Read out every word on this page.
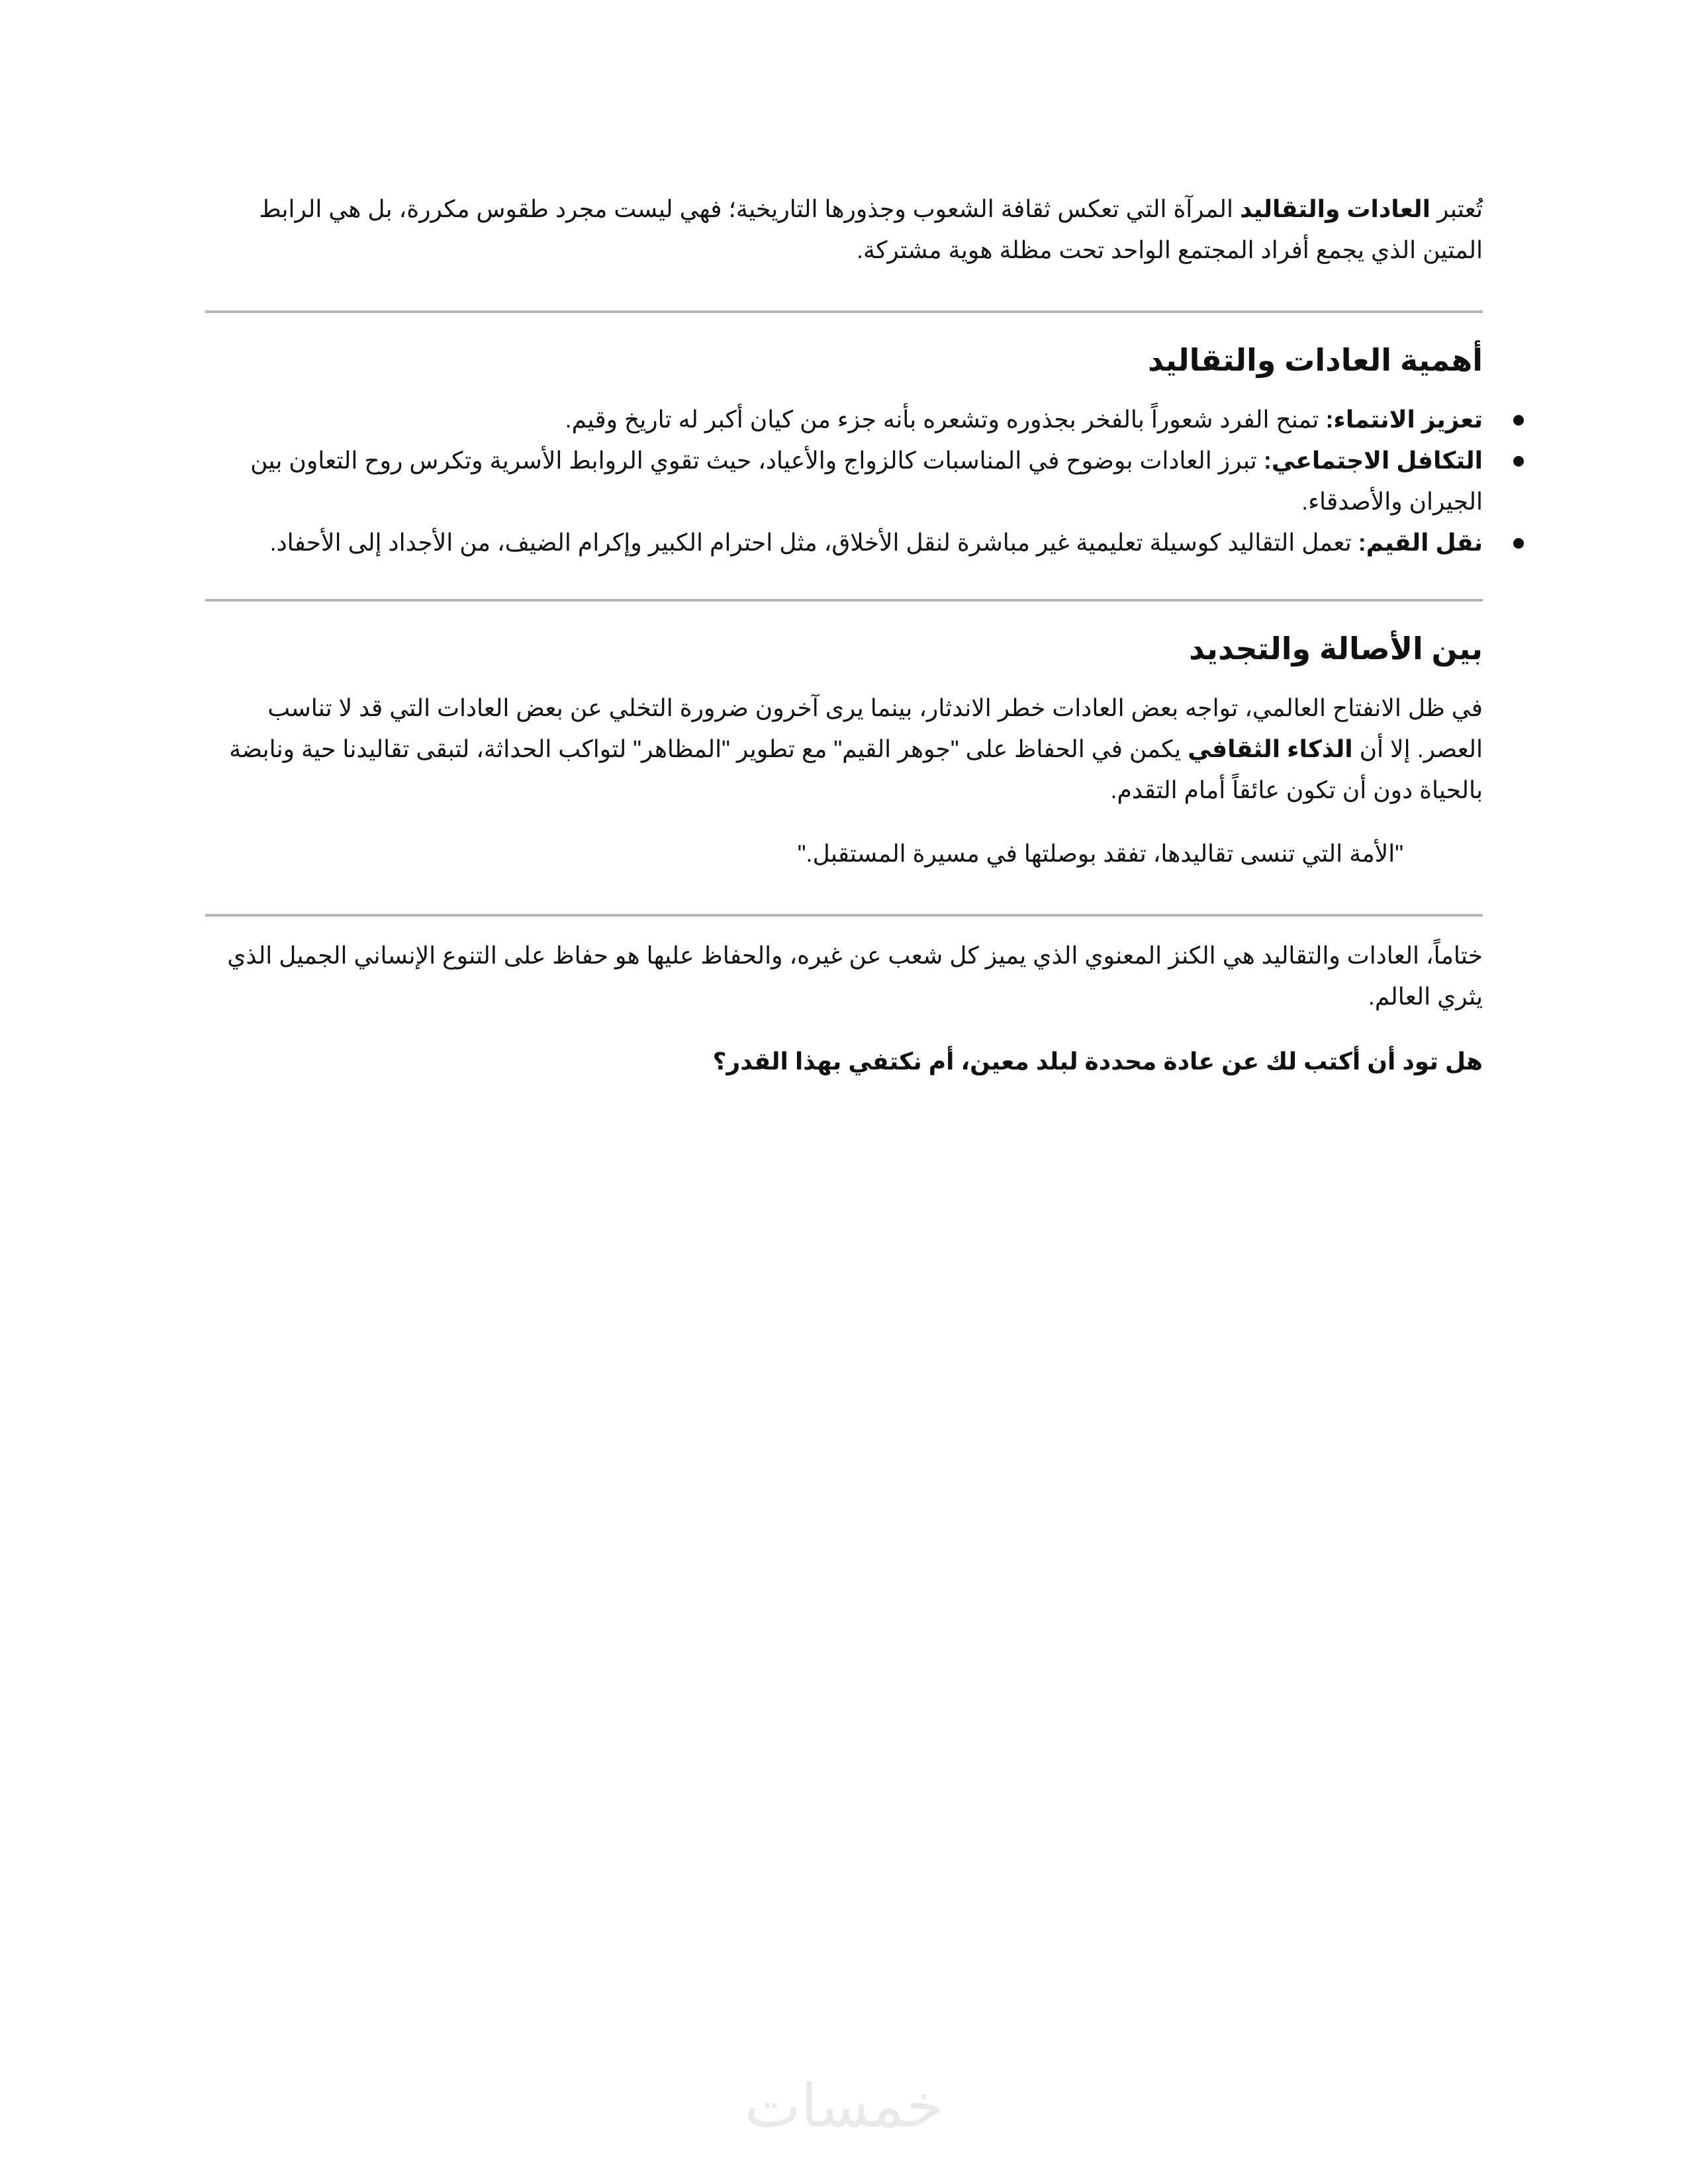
تُعتبر العادات والتقاليد المرآة التي تعكس ثقافة الشعوب وجذورها التاريخية؛ فهي ليست مجرد طقوس مكررة، بل هي الرابط المتين الذي يجمع أفراد المجتمع الواحد تحت مظلة هوية مشتركة.

أهمية العادات والتقاليد
تعزيز الانتماء: تمنح الفرد شعوراً بالفخر بجذوره وتشعره بأنه جزء من كيان أكبر له تاريخ وقيم.
التكافل الاجتماعي: تبرز العادات بوضوح في المناسبات كالزواج والأعياد، حيث تقوي الروابط الأسرية وتكرس روح التعاون بين الجيران والأصدقاء.
نقل القيم: تعمل التقاليد كوسيلة تعليمية غير مباشرة لنقل الأخلاق، مثل احترام الكبير وإكرام الضيف، من الأجداد إلى الأحفاد.
بين الأصالة والتجديد

في ظل الانفتاح العالمي، تواجه بعض العادات خطر الاندثار، بينما يرى آخرون ضرورة التخلي عن بعض العادات التي قد لا تناسب العصر. إلا أن الذكاء الثقافي يكمن في الحفاظ على "جوهر القيم" مع تطوير "المظاهر" لتواكب الحداثة، لتبقى تقاليدنا حية ونابضة بالحياة دون أن تكون عائقاً أمام التقدم.

"الأمة التي تنسى تقاليدها، تفقد بوصلتها في مسيرة المستقبل."

ختاماً، العادات والتقاليد هي الكنز المعنوي الذي يميز كل شعب عن غيره، والحفاظ عليها هو حفاظ على التنوع الإنساني الجميل الذي يثري العالم.

هل تود أن أكتب لك عن عادة محددة لبلد معين، أم نكتفي بهذا القدر؟

خمسات
